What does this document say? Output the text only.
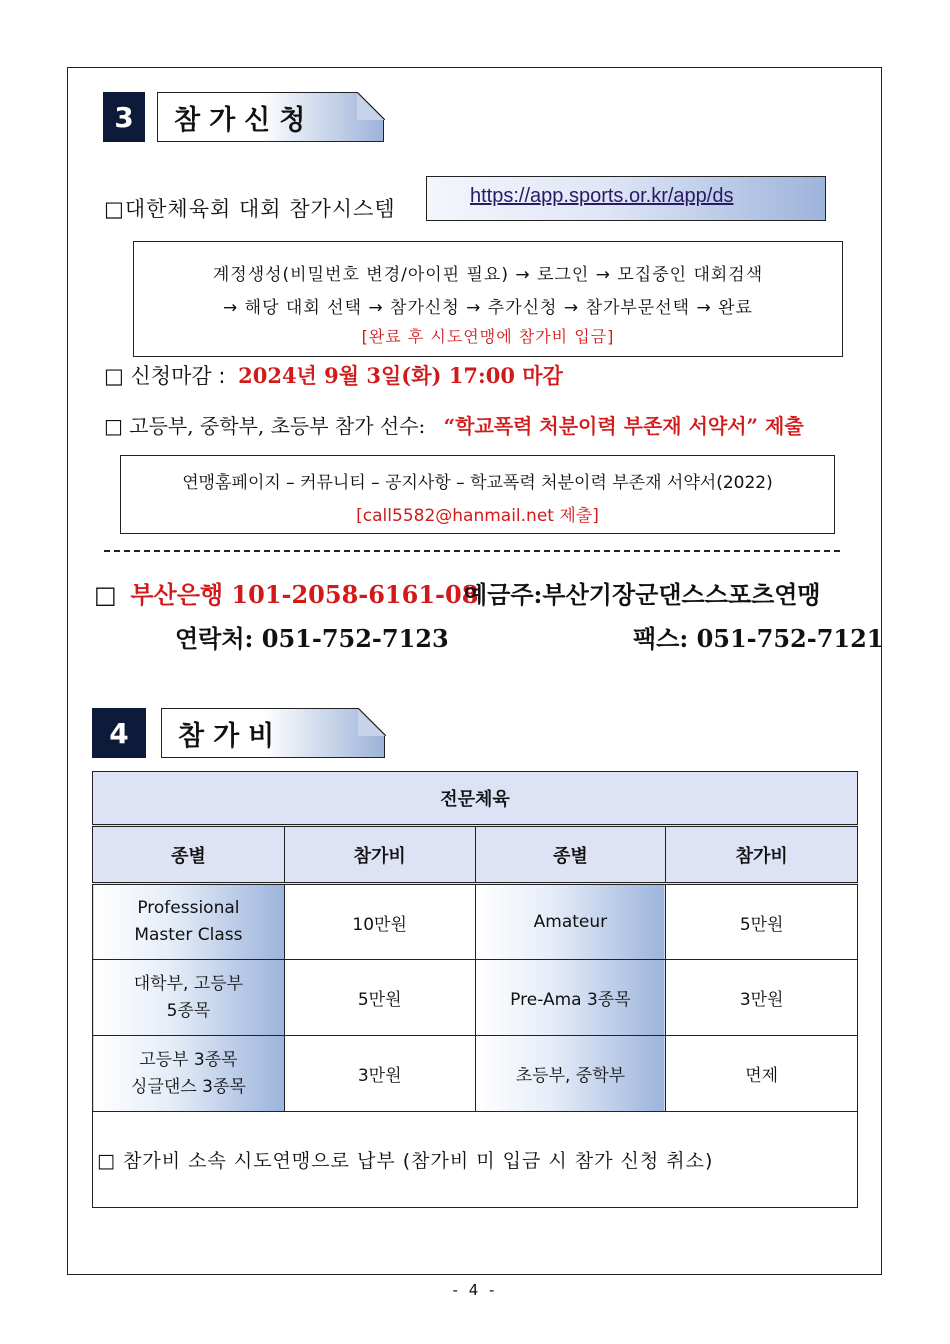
3	참가신청
□대한체육회 대회 참가시스템
https://app.sports.or.kr/app/ds
계정생성(비밀번호 변경/아이핀 필요) → 로그인 → 모집중인 대회검색
→ 해당 대회 선택 → 참가신청 → 추가신청 → 참가부문선택 → 완료
[완료 후 시도연맹에 참가비 입금]
□ 신청마감 : 2024년 9월 3일(화) 17:00 마감
□ 고등부, 중학부, 초등부 참가 선수: “학교폭력 처분이력 부존재 서약서” 제출
연맹홈페이지 – 커뮤니티 – 공지사항 – 학교폭력 처분이력 부존재 서약서(2022)
[call5582@hanmail.net 제출]
□ 부산은행 101-2058-6161-08
예금주:부산기장군댄스스포츠연맹
연락처: 051-752-7123	팩스: 051-752-7121
4	참가비
전문체육			
종별	참가비	종별	참가비
Professional
Master Class	10만원	Amateur	5만원
대학부, 고등부
5종목	5만원	Pre-Ama 3종목	3만원
고등부 3종목
싱글댄스 3종목	3만원	초등부, 중학부	면제
□ 참가비 소속 시도연맹으로 납부 (참가비 미 입금 시 참가 신청 취소)			
- 4 -
